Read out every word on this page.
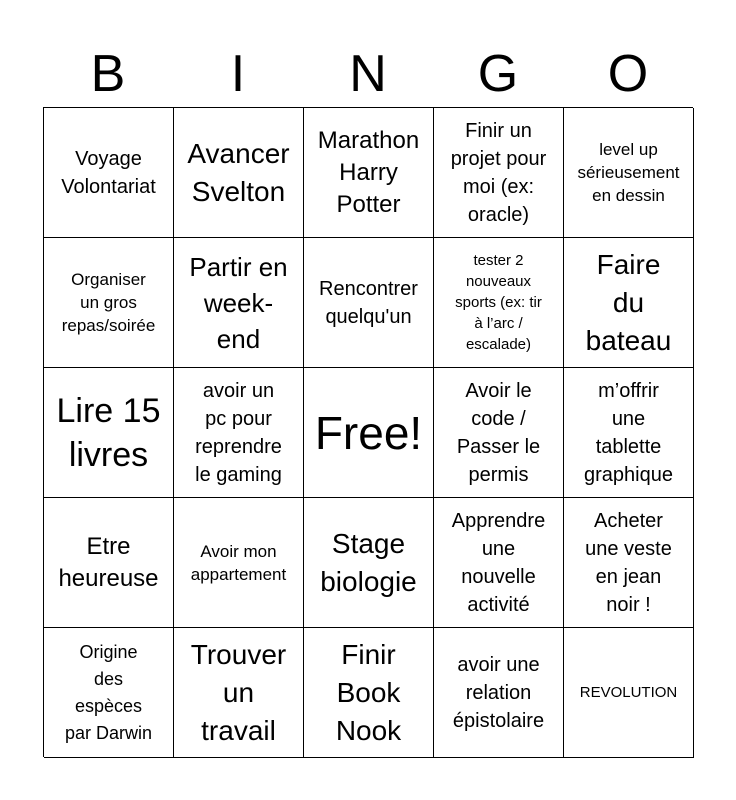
B	I	N	G	O
Voyage
Volontariat
Avancer
Svelton
Marathon
Harry
Potter
Finir un
projet pour
moi (ex:
oracle)
level up
sérieusement
en dessin
Organiser
un gros
repas/soirée
Partir en
week-
end
Rencontrer
quelqu'un
tester 2
nouveaux
sports (ex: tir
à l’arc /
escalade)
Faire
du
bateau
Lire 15
livres
avoir un
pc pour
reprendre
le gaming
Free!
Avoir le
code /
Passer le
permis
m’offrir
une
tablette
graphique
Etre
heureuse
Avoir mon
appartement
Stage
biologie
Apprendre
une
nouvelle
activité
Acheter
une veste
en jean
noir !
Origine
des
espèces
par Darwin
Trouver
un
travail
Finir
Book
Nook
avoir une
relation
épistolaire
REVOLUTION
